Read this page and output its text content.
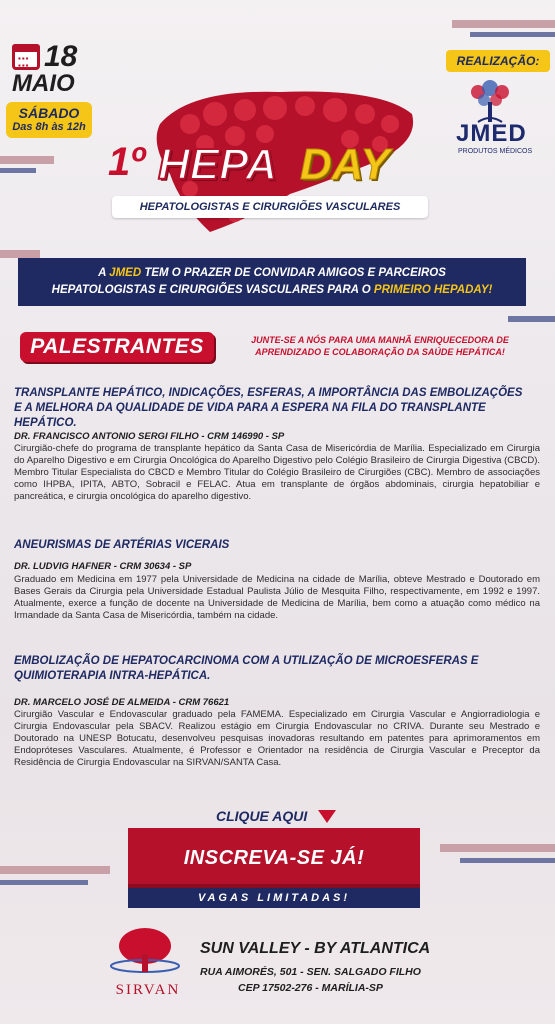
▪▪▪
▪▪▪ 18
MAIO
SÁBADO
Das 8h às 12h
REALIZAÇÃO:
JMED
PRODUTOS MÉDICOS
1º HEPA DAY
HEPATOLOGISTAS E CIRURGIÕES VASCULARES
A JMED TEM O PRAZER DE CONVIDAR AMIGOS E PARCEIROS
HEPATOLOGISTAS E CIRURGIÕES VASCULARES PARA O PRIMEIRO HEPADAY!
PALESTRANTES	JUNTE-SE A NÓS PARA UMA MANHÃ ENRIQUECEDORA DE
APRENDIZADO E COLABORAÇÃO DA SAÚDE HEPÁTICA!
TRANSPLANTE HEPÁTICO, INDICAÇÕES, ESFERAS, A IMPORTÂNCIA DAS EMBOLIZAÇÕES
E A MELHORA DA QUALIDADE DE VIDA PARA A ESPERA NA FILA DO TRANSPLANTE HEPÁTICO.
DR. FRANCISCO ANTONIO SERGI FILHO - CRM 146990 - SP
Cirurgião-chefe do programa de transplante hepático da Santa Casa de Misericórdia de Marília. Especializado em Cirurgia do Aparelho Digestivo e em Cirurgia Oncológica do Aparelho Digestivo pelo Colégio Brasileiro de Cirurgia Digestiva (CBCD). Membro Titular Especialista do CBCD e Membro Titular do Colégio Brasileiro de Cirurgiões (CBC). Membro de associações como IHPBA, IPITA, ABTO, Sobracil e FELAC. Atua em transplante de órgãos abdominais, cirurgia hepatobiliar e pancreática, e cirurgia oncológica do aparelho digestivo.
ANEURISMAS DE ARTÉRIAS VICERAIS
DR. LUDVIG HAFNER - CRM 30634 - SP
Graduado em Medicina em 1977 pela Universidade de Medicina na cidade de Marília, obteve Mestrado e Doutorado em Bases Gerais da Cirurgia pela Universidade Estadual Paulista Júlio de Mesquita Filho, respectivamente, em 1992 e 1997. Atualmente, exerce a função de docente na Universidade de Medicina de Marília, bem como a atuação como médico na Irmandade da Santa Casa de Misericórdia, também na cidade.
EMBOLIZAÇÃO DE HEPATOCARCINOMA COM A UTILIZAÇÃO DE MICROESFERAS E
QUIMIOTERAPIA INTRA-HEPÁTICA.
DR. MARCELO JOSÉ DE ALMEIDA - CRM 76621
Cirurgião Vascular e Endovascular graduado pela FAMEMA. Especializado em Cirurgia Vascular e Angiorradiologia e Cirurgia Endovascular pela SBACV. Realizou estágio em Cirurgia Endovascular no CRIVA. Durante seu Mestrado e Doutorado na UNESP Botucatu, desenvolveu pesquisas inovadoras resultando em patentes para aprimoramentos em Endopróteses Vasculares. Atualmente, é Professor e Orientador na residência de Cirurgia Vascular e Preceptor da Residência de Cirurgia Endovascular na SIRVAN/SANTA Casa.
CLIQUE AQUI
INSCREVA-SE JÁ!
VAGAS LIMITADAS!
SIRVAN
SUN VALLEY - BY ATLANTICA
RUA AIMORÉS, 501 - SEN. SALGADO FILHO
CEP 17502-276 - MARÍLIA-SP
